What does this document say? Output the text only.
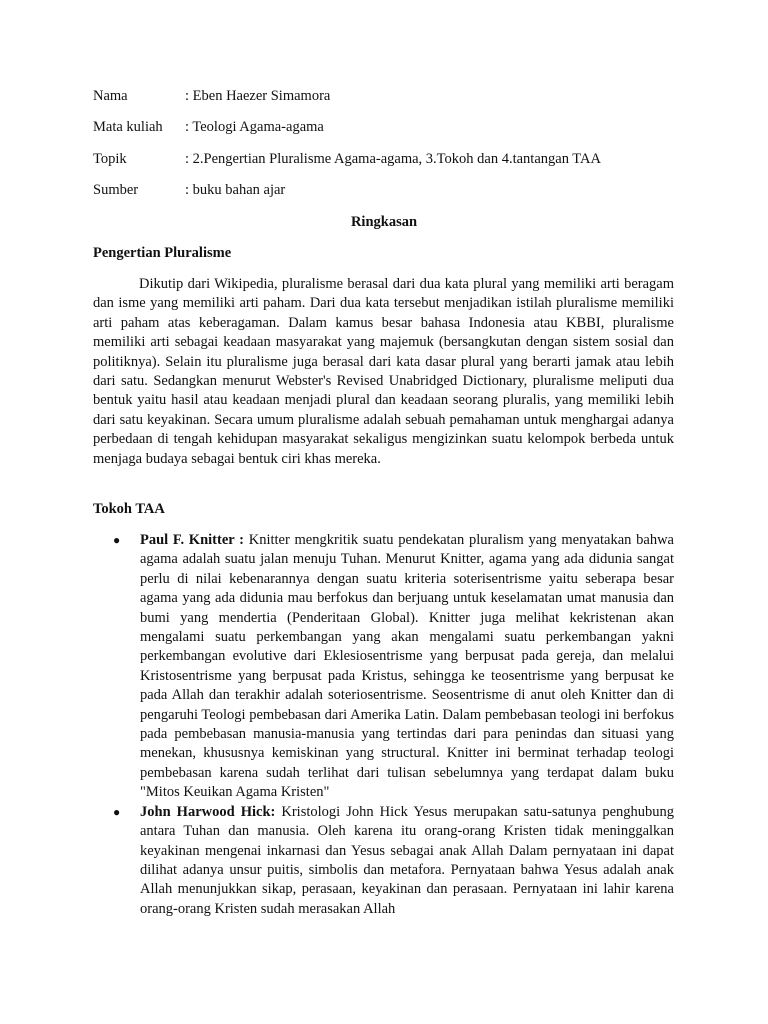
Nama	: Eben Haezer Simamora
Mata kuliah	: Teologi Agama-agama
Topik	: 2.Pengertian Pluralisme Agama-agama, 3.Tokoh dan 4.tantangan TAA
Sumber	: buku bahan ajar
Ringkasan
Pengertian Pluralisme

Dikutip dari Wikipedia, pluralisme berasal dari dua kata plural yang memiliki arti beragam dan isme yang memiliki arti paham. Dari dua kata tersebut menjadikan istilah pluralisme memiliki arti paham atas keberagaman. Dalam kamus besar bahasa Indonesia atau KBBI, pluralisme memiliki arti sebagai keadaan masyarakat yang majemuk (bersangkutan dengan sistem sosial dan politiknya). Selain itu pluralisme juga berasal dari kata dasar plural yang berarti jamak atau lebih dari satu. Sedangkan menurut Webster's Revised Unabridged Dictionary, pluralisme meliputi dua bentuk yaitu hasil atau keadaan menjadi plural dan keadaan seorang pluralis, yang memiliki lebih dari satu keyakinan. Secara umum pluralisme adalah sebuah pemahaman untuk menghargai adanya perbedaan di tengah kehidupan masyarakat sekaligus mengizinkan suatu kelompok berbeda untuk menjaga budaya sebagai bentuk ciri khas mereka.

Tokoh TAA
●	Paul F. Knitter : Knitter mengkritik suatu pendekatan pluralism yang menyatakan bahwa agama adalah suatu jalan menuju Tuhan. Menurut Knitter, agama yang ada didunia sangat perlu di nilai kebenarannya dengan suatu kriteria soterisentrisme yaitu seberapa besar agama yang ada didunia mau berfokus dan berjuang untuk keselamatan umat manusia dan bumi yang mendertia (Penderitaan Global). Knitter juga melihat kekristenan akan mengalami suatu perkembangan yang akan mengalami suatu perkembangan yakni perkembangan evolutive dari Eklesiosentrisme yang berpusat pada gereja, dan melalui Kristosentrisme yang berpusat pada Kristus, sehingga ke teosentrisme yang berpusat ke pada Allah dan terakhir adalah soteriosentrisme. Seosentrisme di anut oleh Knitter dan di pengaruhi Teologi pembebasan dari Amerika Latin. Dalam pembebasan teologi ini berfokus pada pembebasan manusia-manusia yang tertindas dari para penindas dan situasi yang menekan, khususnya kemiskinan yang structural. Knitter ini berminat terhadap teologi pembebasan karena sudah terlihat dari tulisan sebelumnya yang terdapat dalam buku "Mitos Keuikan Agama Kristen"
●	John Harwood Hick: Kristologi John Hick Yesus merupakan satu-satunya penghubung antara Tuhan dan manusia. Oleh karena itu orang-orang Kristen tidak meninggalkan keyakinan mengenai inkarnasi dan Yesus sebagai anak Allah Dalam pernyataan ini dapat dilihat adanya unsur puitis, simbolis dan metafora. Pernyataan bahwa Yesus adalah anak Allah menunjukkan sikap, perasaan, keyakinan dan perasaan. Pernyataan ini lahir karena orang-orang Kristen sudah merasakan Allah
